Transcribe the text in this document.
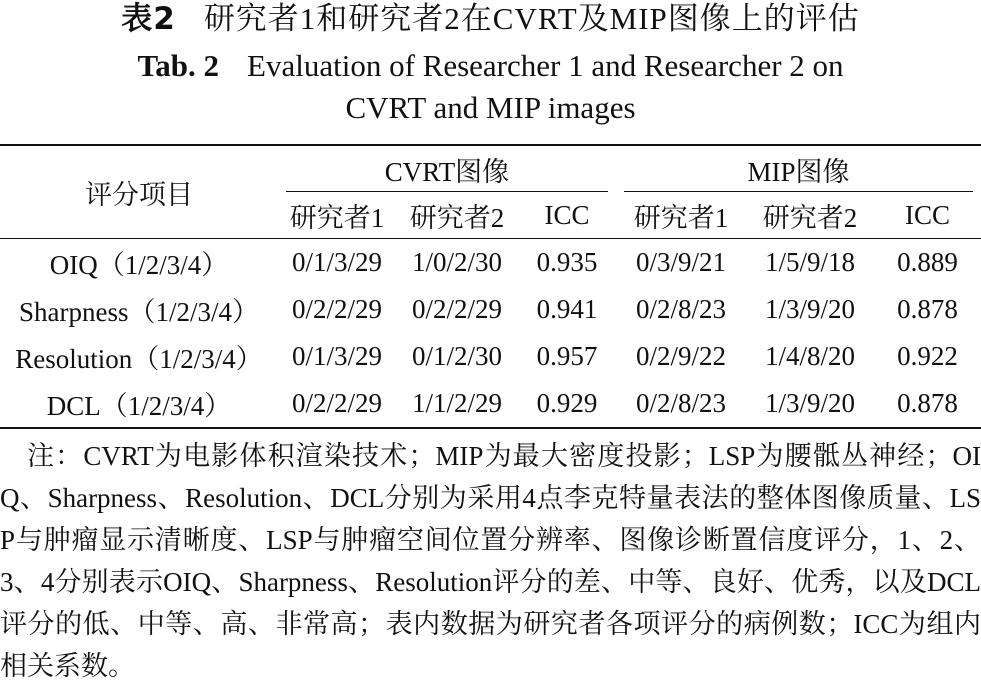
表2 研究者1和研究者2在CVRT及MIP图像上的评估
Tab. 2 Evaluation of Researcher 1 and Researcher 2 on
CVRT and MIP images
评分项目	CVRT图像			MIP图像		

	研究者1	研究者2	ICC	研究者1	研究者2	ICC
OIQ（1/2/3/4）	0/1/3/29	1/0/2/30	0.935	0/3/9/21	1/5/9/18	0.889
Sharpness（1/2/3/4）	0/2/2/29	0/2/2/29	0.941	0/2/8/23	1/3/9/20	0.878
Resolution（1/2/3/4）	0/1/3/29	0/1/2/30	0.957	0/2/9/22	1/4/8/20	0.922
DCL（1/2/3/4）	0/2/2/29	1/1/2/29	0.929	0/2/8/23	1/3/9/20	0.878
注：CVRT为电影体积渲染技术；MIP为最大密度投影；LSP为腰骶丛神经；OIQ、Sharpness、Resolution、DCL分别为采用4点李克特量表法的整体图像质量、LSP与肿瘤显示清晰度、LSP与肿瘤空间位置分辨率、图像诊断置信度评分，1、2、3、4分别表示OIQ、Sharpness、Resolution评分的差、中等、良好、优秀，以及DCL评分的低、中等、高、非常高；表内数据为研究者各项评分的病例数；ICC为组内相关系数。
